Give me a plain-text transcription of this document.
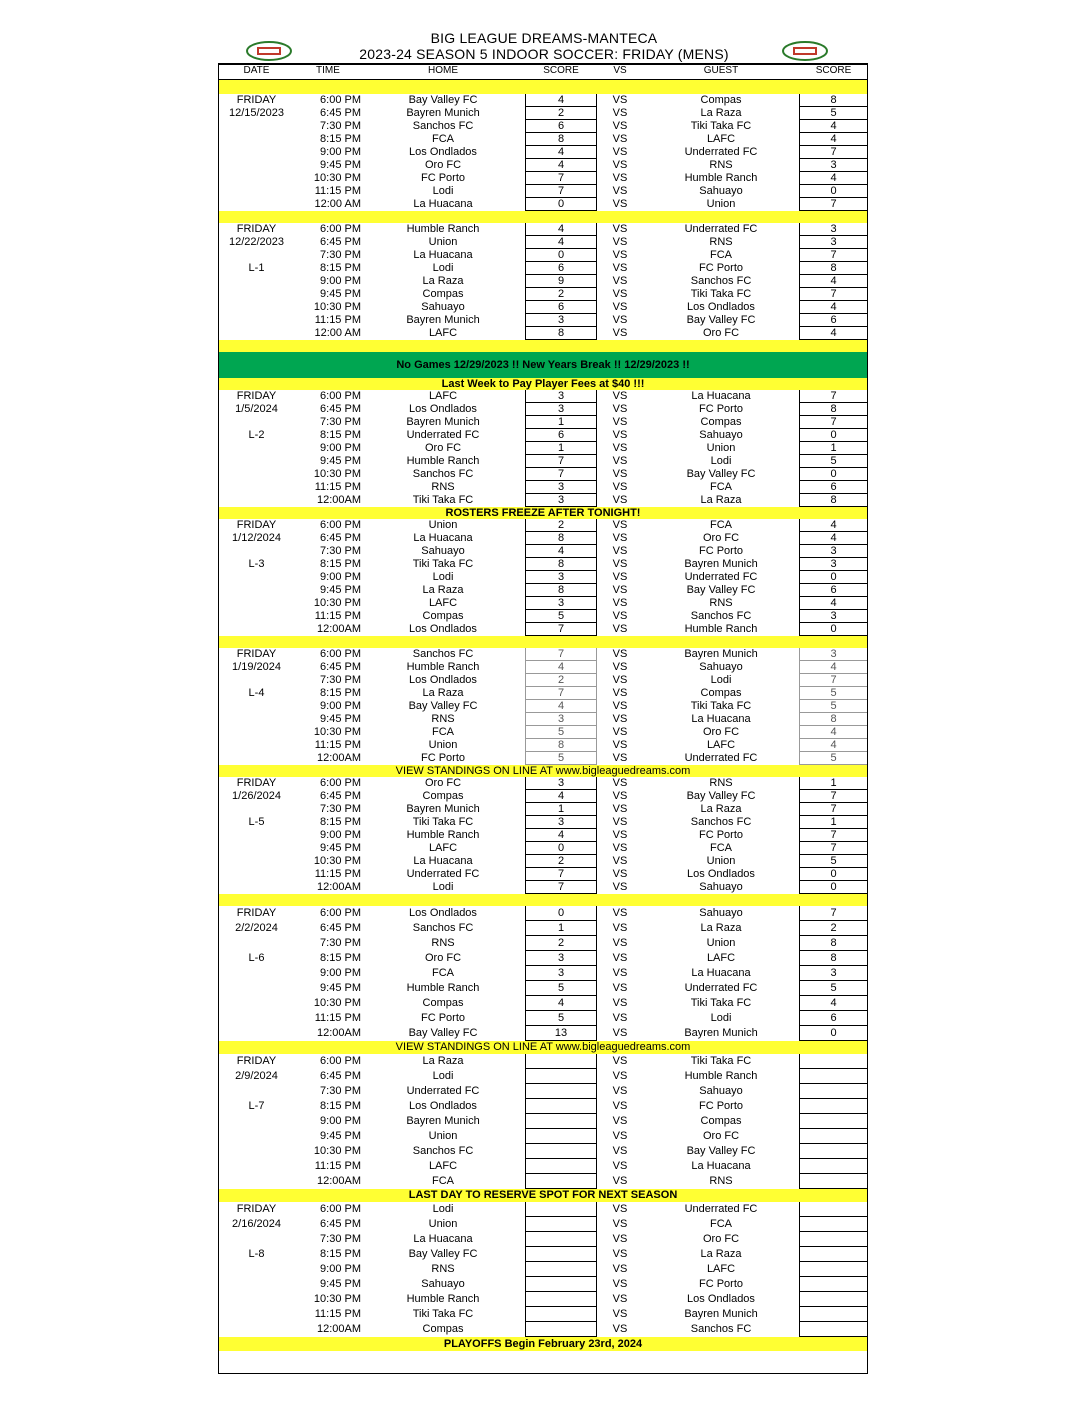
BIG LEAGUE DREAMS-MANTECA
2023-24 SEASON 5 INDOOR SOCCER: FRIDAY (MENS)
DATE	TIME	HOME	SCORE	VS	GUEST	SCORE
FRIDAY	6:00 PM	Bay Valley FC	4	VS	Compas	8
12/15/2023	6:45 PM	Bayren Munich	2	VS	La Raza	5
7:30 PM	Sanchos FC	6	VS	Tiki Taka FC	4
8:15 PM	FCA	8	VS	LAFC	4
9:00 PM	Los Ondlados	4	VS	Underrated FC	7
9:45 PM	Oro FC	4	VS	RNS	3
10:30 PM	FC Porto	7	VS	Humble Ranch	4
11:15 PM	Lodi	7	VS	Sahuayo	0
12:00 AM	La Huacana	0	VS	Union	7
FRIDAY	6:00 PM	Humble Ranch	4	VS	Underrated FC	3
12/22/2023	6:45 PM	Union	4	VS	RNS	3
7:30 PM	La Huacana	0	VS	FCA	7
L-1	8:15 PM	Lodi	6	VS	FC Porto	8
9:00 PM	La Raza	9	VS	Sanchos FC	4
9:45 PM	Compas	2	VS	Tiki Taka FC	7
10:30 PM	Sahuayo	6	VS	Los Ondlados	4
11:15 PM	Bayren Munich	3	VS	Bay Valley FC	6
12:00 AM	LAFC	8	VS	Oro FC	4
No Games 12/29/2023 !! New Years Break !! 12/29/2023 !!
Last Week to Pay Player Fees at $40 !!!
FRIDAY	6:00 PM	LAFC	3	VS	La Huacana	7
1/5/2024	6:45 PM	Los Ondlados	3	VS	FC Porto	8
7:30 PM	Bayren Munich	1	VS	Compas	7
L-2	8:15 PM	Underrated FC	6	VS	Sahuayo	0
9:00 PM	Oro FC	1	VS	Union	1
9:45 PM	Humble Ranch	7	VS	Lodi	5
10:30 PM	Sanchos FC	7	VS	Bay Valley FC	0
11:15 PM	RNS	3	VS	FCA	6
12:00AM	Tiki Taka FC	3	VS	La Raza	8
ROSTERS FREEZE AFTER TONIGHT!
FRIDAY	6:00 PM	Union	2	VS	FCA	4
1/12/2024	6:45 PM	La Huacana	8	VS	Oro FC	4
7:30 PM	Sahuayo	4	VS	FC Porto	3
L-3	8:15 PM	Tiki Taka FC	8	VS	Bayren Munich	3
9:00 PM	Lodi	3	VS	Underrated FC	0
9:45 PM	La Raza	8	VS	Bay Valley FC	6
10:30 PM	LAFC	3	VS	RNS	4
11:15 PM	Compas	5	VS	Sanchos FC	3
12:00AM	Los Ondlados	7	VS	Humble Ranch	0
FRIDAY	6:00 PM	Sanchos FC	7	VS	Bayren Munich	3
1/19/2024	6:45 PM	Humble Ranch	4	VS	Sahuayo	4
7:30 PM	Los Ondlados	2	VS	Lodi	7
L-4	8:15 PM	La Raza	7	VS	Compas	5
9:00 PM	Bay Valley FC	4	VS	Tiki Taka FC	5
9:45 PM	RNS	3	VS	La Huacana	8
10:30 PM	FCA	5	VS	Oro FC	4
11:15 PM	Union	8	VS	LAFC	4
12:00AM	FC Porto	5	VS	Underrated FC	5
VIEW STANDINGS ON LINE AT www.bigleaguedreams.com
FRIDAY	6:00 PM	Oro FC	3	VS	RNS	1
1/26/2024	6:45 PM	Compas	4	VS	Bay Valley FC	7
7:30 PM	Bayren Munich	1	VS	La Raza	7
L-5	8:15 PM	Tiki Taka FC	3	VS	Sanchos FC	1
9:00 PM	Humble Ranch	4	VS	FC Porto	7
9:45 PM	LAFC	0	VS	FCA	7
10:30 PM	La Huacana	2	VS	Union	5
11:15 PM	Underrated FC	7	VS	Los Ondlados	0
12:00AM	Lodi	7	VS	Sahuayo	0
FRIDAY	6:00 PM	Los Ondlados	0	VS	Sahuayo	7
2/2/2024	6:45 PM	Sanchos FC	1	VS	La Raza	2
7:30 PM	RNS	2	VS	Union	8
L-6	8:15 PM	Oro FC	3	VS	LAFC	8
9:00 PM	FCA	3	VS	La Huacana	3
9:45 PM	Humble Ranch	5	VS	Underrated FC	5
10:30 PM	Compas	4	VS	Tiki Taka FC	4
11:15 PM	FC Porto	5	VS	Lodi	6
12:00AM	Bay Valley FC	13	VS	Bayren Munich	0
VIEW STANDINGS ON LINE AT www.bigleaguedreams.com
FRIDAY	6:00 PM	La Raza	VS	Tiki Taka FC
2/9/2024	6:45 PM	Lodi	VS	Humble Ranch
7:30 PM	Underrated FC	VS	Sahuayo
L-7	8:15 PM	Los Ondlados	VS	FC Porto
9:00 PM	Bayren Munich	VS	Compas
9:45 PM	Union	VS	Oro FC
10:30 PM	Sanchos FC	VS	Bay Valley FC
11:15 PM	LAFC	VS	La Huacana
12:00AM	FCA	VS	RNS
LAST DAY TO RESERVE SPOT FOR NEXT SEASON
FRIDAY	6:00 PM	Lodi	VS	Underrated FC
2/16/2024	6:45 PM	Union	VS	FCA
7:30 PM	La Huacana	VS	Oro FC
L-8	8:15 PM	Bay Valley FC	VS	La Raza
9:00 PM	RNS	VS	LAFC
9:45 PM	Sahuayo	VS	FC Porto
10:30 PM	Humble Ranch	VS	Los Ondlados
11:15 PM	Tiki Taka FC	VS	Bayren Munich
12:00AM	Compas	VS	Sanchos FC
PLAYOFFS Begin February 23rd, 2024
